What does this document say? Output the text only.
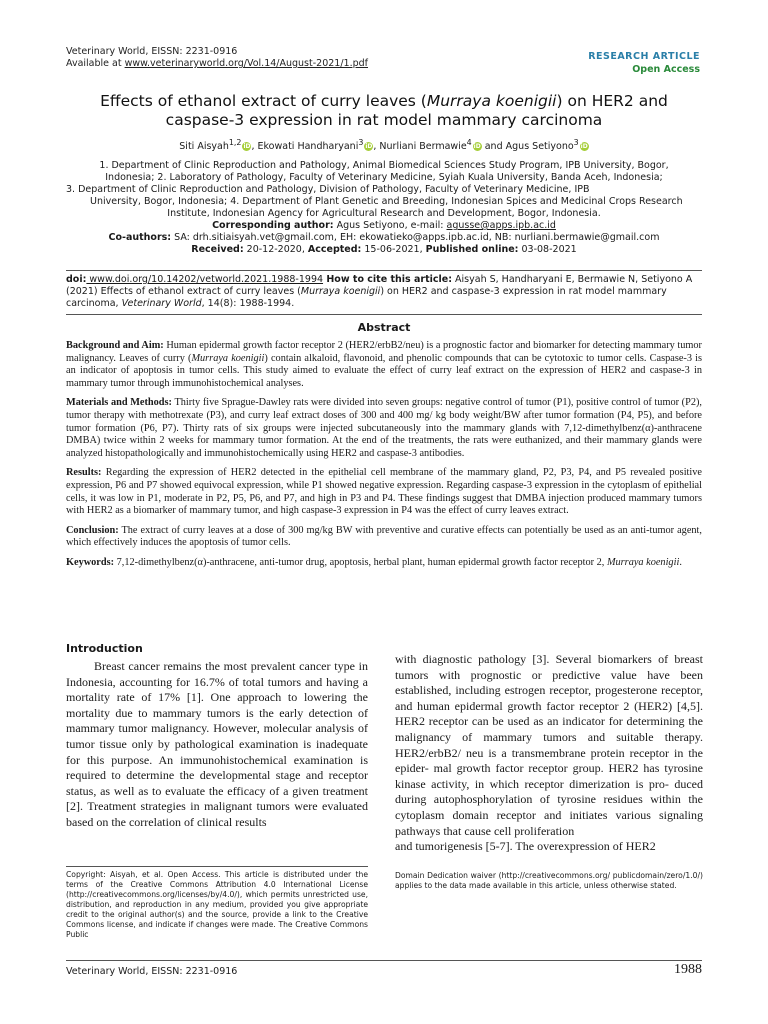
Veterinary World, EISSN: 2231-0916
Available at www.veterinaryworld.org/Vol.14/August-2021/1.pdf
RESEARCH ARTICLE
Open Access
Effects of ethanol extract of curry leaves (Murraya koenigii) on HER2 and caspase-3 expression in rat model mammary carcinoma
Siti Aisyah$^{1,2}$ iD, Ekowati Handharyani$^3$ iD, Nurliani Bermawie$^4$ iD and Agus Setiyono$^3$ iD
1. Department of Clinic Reproduction and Pathology, Animal Biomedical Sciences Study Program, IPB University, Bogor,
Indonesia; 2. Laboratory of Pathology, Faculty of Veterinary Medicine, Syiah Kuala University, Banda Aceh, Indonesia;
3. Department of Clinic Reproduction and Pathology, Division of Pathology, Faculty of Veterinary Medicine, IPB
University, Bogor, Indonesia; 4. Department of Plant Genetic and Breeding, Indonesian Spices and Medicinal Crops Research
Institute, Indonesian Agency for Agricultural Research and Development, Bogor, Indonesia.
Corresponding author: Agus Setiyono, e-mail: agusse@apps.ipb.ac.id
Co-authors: SA: drh.sitiaisyah.vet@gmail.com, EH: ekowatieko@apps.ipb.ac.id, NB: nurliani.bermawie@gmail.com
Received: 20-12-2020, Accepted: 15-06-2021, Published online: 03-08-2021
doi: www.doi.org/10.14202/vetworld.2021.1988-1994 How to cite this article: Aisyah S, Handharyani E, Bermawie N, Setiyono A (2021) Effects of ethanol extract of curry leaves (Murraya koenigii) on HER2 and caspase-3 expression in rat model mammary carcinoma, Veterinary World, 14(8): 1988-1994.
Abstract

Background and Aim: Human epidermal growth factor receptor 2 (HER2/erbB2/neu) is a prognostic factor and biomarker for detecting mammary tumor malignancy. Leaves of curry (Murraya koenigii) contain alkaloid, flavonoid, and phenolic compounds that can be cytotoxic to tumor cells. Caspase-3 is an indicator of apoptosis in tumor cells. This study aimed to evaluate the effect of curry leaf extract on the expression of HER2 and caspase-3 in mammary tumor through immunohistochemical analyses.

Materials and Methods: Thirty five Sprague-Dawley rats were divided into seven groups: negative control of tumor (P1), positive control of tumor (P2), tumor therapy with methotrexate (P3), and curry leaf extract doses of 300 and 400 mg/ kg body weight/BW after tumor formation (P4, P5), and before tumor formation (P6, P7). Thirty rats of six groups were injected subcutaneously into the mammary glands with 7,12-dimethylbenz(α)-anthracene DMBA) twice within 2 weeks for mammary tumor formation. At the end of the treatments, the rats were euthanized, and their mammary glands were analyzed histopathologically and immunohistochemically using HER2 and caspase-3 antibodies.

Results: Regarding the expression of HER2 detected in the epithelial cell membrane of the mammary gland, P2, P3, P4, and P5 revealed positive expression, P6 and P7 showed equivocal expression, while P1 showed negative expression. Regarding caspase-3 expression in the cytoplasm of epithelial cells, it was low in P1, moderate in P2, P5, P6, and P7, and high in P3 and P4. These findings suggest that DMBA injection produced mammary tumors with HER2 as a biomarker of mammary tumor, and high caspase-3 expression in P4 was the effect of curry leaves extract.

Conclusion: The extract of curry leaves at a dose of 300 mg/kg BW with preventive and curative effects can potentially be used as an anti-tumor agent, which effectively induces the apoptosis of tumor cells.

Keywords: 7,12-dimethylbenz(α)-anthracene, anti-tumor drug, apoptosis, herbal plant, human epidermal growth factor receptor 2, Murraya koenigii.

Introduction

Breast cancer remains the most prevalent cancer type in Indonesia, accounting for 16.7% of total tumors and having a mortality rate of 17% [1]. One approach to lowering the mortality due to mammary tumors is the early detection of mammary tumor malignancy. However, molecular analysis of tumor tissue only by pathological examination is inadequate for this purpose. An immunohistochemical examination is required to determine the developmental stage and receptor status, as well as to evaluate the efficacy of a given treatment [2]. Treatment strategies in malignant tumors were evaluated based on the correlation of clinical results

with diagnostic pathology [3]. Several biomarkers of breast tumors with prognostic or predictive value have been established, including estrogen receptor, progesterone receptor, and human epidermal growth factor receptor 2 (HER2) [4,5]. HER2 receptor can be used as an indicator for determining the malignancy of mammary tumors and suitable therapy. HER2/erbB2/ neu is a transmembrane protein receptor in the epider- mal growth factor receptor group. HER2 has tyrosine kinase activity, in which receptor dimerization is pro- duced during autophosphorylation of tyrosine residues within the cytoplasm domain receptor and initiates various signaling pathways that cause cell proliferation

and tumorigenesis [5-7]. The overexpression of HER2

Copyright: Aisyah, et al. Open Access. This article is distributed under the terms of the Creative Commons Attribution 4.0 International License (http://creativecommons.org/licenses/by/4.0/), which permits unrestricted use, distribution, and reproduction in any medium, provided you give appropriate credit to the original author(s) and the source, provide a link to the Creative Commons license, and indicate if changes were made. The Creative Commons Public
Domain Dedication waiver (http://creativecommons.org/ publicdomain/zero/1.0/) applies to the data made available in this article, unless otherwise stated.
Veterinary World, EISSN: 2231-0916	1988
